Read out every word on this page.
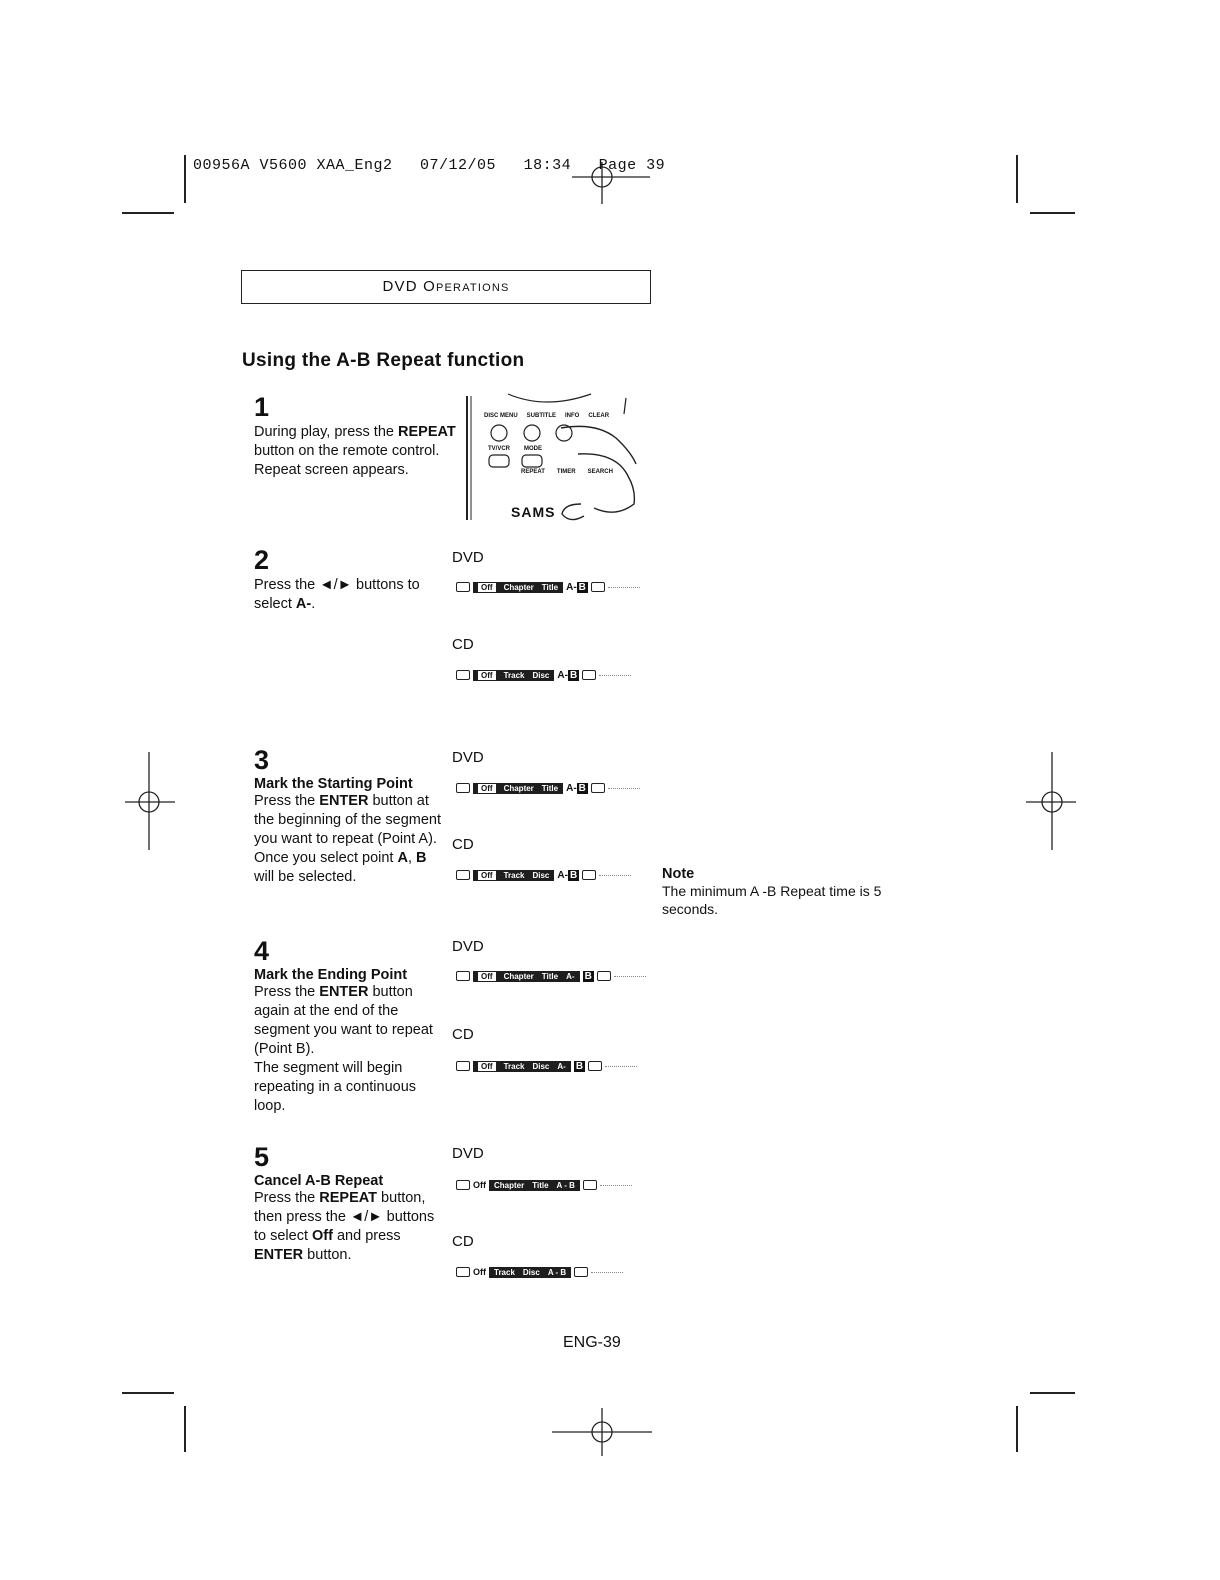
00956A V5600 XAA_Eng2 07/12/05 18:34 Page 39
DVD Operations
Using the A-B Repeat function
DISC MENU SUBTITLE INFO CLEAR
TV/VCR MODE
REPEAT TIMER SEARCH
SAMS
1
During play, press the REPEAT
button on the remote control.
Repeat screen appears.
2
Press the ◄/► buttons to
select A-.
3
Mark the Starting Point
Press the ENTER button at
the beginning of the segment
you want to repeat (Point A).
Once you select point A, B
will be selected.
4
Mark the Ending Point
Press the ENTER button
again at the end of the
segment you want to repeat
(Point B).
The segment will begin
repeating in a continuous
loop.
5
Cancel A-B Repeat
Press the REPEAT button,
then press the ◄/► buttons
to select Off and press
ENTER button.
DVD
Off	Chapter Title A- B
CD
Off	Track Disc A- B
DVD
Off	Chapter Title A- B
CD
Off	Track Disc A- B
DVD
Off	Chapter Title A- B
CD
Off	Track Disc A- B
DVD
Off Chapter Title A - B
CD
Off Track Disc A - B
Note
The minimum A -B Repeat time is 5
seconds.
ENG-39
